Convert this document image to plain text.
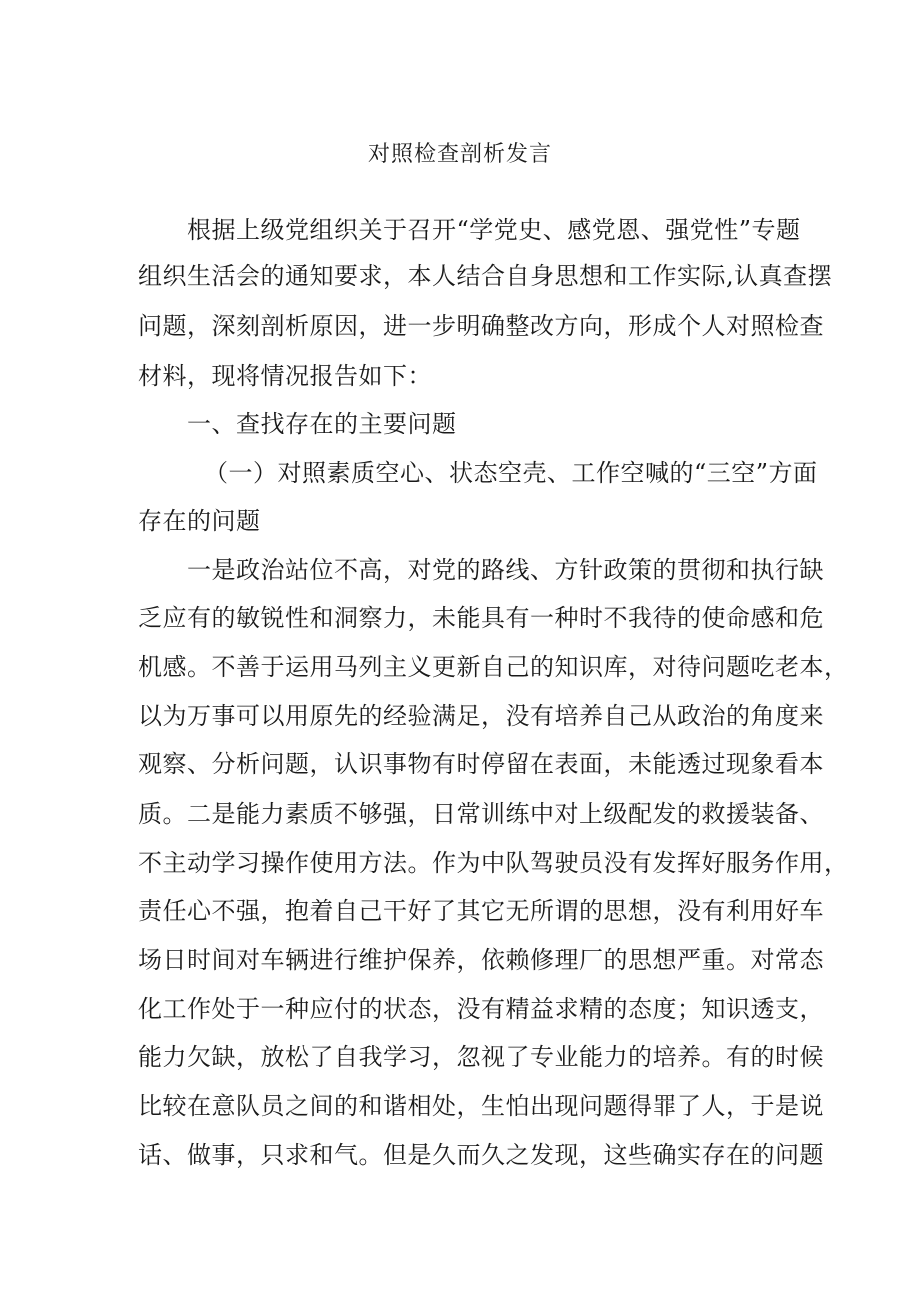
对照检查剖析发言
根据上级党组织关于召开“学党史、感党恩、强党性”专题
组织生活会的通知要求，本人结合自身思想和工作实际,认真查摆
问题，深刻剖析原因，进一步明确整改方向，形成个人对照检查
材料，现将情况报告如下：
一、查找存在的主要问题
（一）对照素质空心、状态空壳、工作空喊的“三空”方面
存在的问题
一是政治站位不高，对党的路线、方针政策的贯彻和执行缺
乏应有的敏锐性和洞察力，未能具有一种时不我待的使命感和危
机感。不善于运用马列主义更新自己的知识库，对待问题吃老本，
以为万事可以用原先的经验满足，没有培养自己从政治的角度来
观察、分析问题，认识事物有时停留在表面，未能透过现象看本
质。二是能力素质不够强，日常训练中对上级配发的救援装备、
不主动学习操作使用方法。作为中队驾驶员没有发挥好服务作用，
责任心不强，抱着自己干好了其它无所谓的思想，没有利用好车
场日时间对车辆进行维护保养，依赖修理厂的思想严重。对常态
化工作处于一种应付的状态，没有精益求精的态度；知识透支，
能力欠缺，放松了自我学习，忽视了专业能力的培养。有的时候
比较在意队员之间的和谐相处，生怕出现问题得罪了人，于是说
话、做事，只求和气。但是久而久之发现，这些确实存在的问题
